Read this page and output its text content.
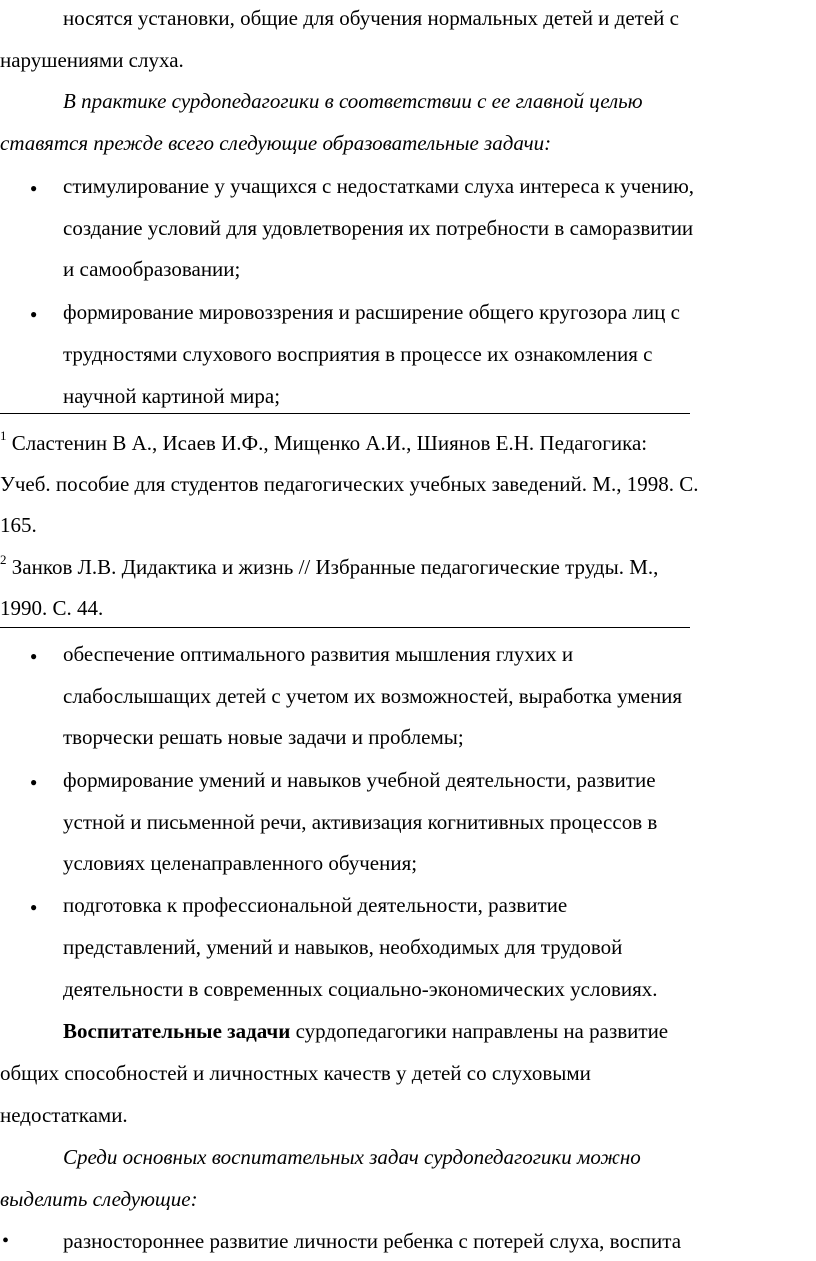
носятся установки, общие для обучения нормальных детей и детей с
нарушениями слуха.
В практике сурдопедагогики в соответствии с ее главной целью
ставятся прежде всего следующие образовательные задачи:
● стимулирование у учащихся с недостатками слуха интереса к учению,
создание условий для удовлетворения их потребности в саморазвитии
и самообразовании;
● формирование мировоззрения и расширение общего кругозора лиц с
трудностями слухового восприятия в процессе их ознакомления с
научной картиной мира;
$^1$ Сластенин В А., Исаев И.Ф., Мищенко А.И., Шиянов Е.Н. Педагогика:
Учеб. пособие для студентов педагогических учебных заведений. М., 1998. С.
165.
$^2$ Занков Л.В. Дидактика и жизнь // Избранные педагогические труды. М.,
1990. С. 44.
● обеспечение оптимального развития мышления глухих и
слабослышащих детей с учетом их возможностей, выработка умения
творчески решать новые задачи и проблемы;
● формирование умений и навыков учебной деятельности, развитие
устной и письменной речи, активизация когнитивных процессов в
условиях целенаправленного обучения;
● подготовка к профессиональной деятельности, развитие
представлений, умений и навыков, необходимых для трудовой
деятельности в современных социально-экономических условиях.
Воспитательные задачи сурдопедагогики направлены на развитие
общих способностей и личностных качеств у детей со слуховыми
недостатками.
Среди основных воспитательных задач сурдопедагогики можно
выделить следующие:
•	разностороннее развитие личности ребенка с потерей слуха, воспита
